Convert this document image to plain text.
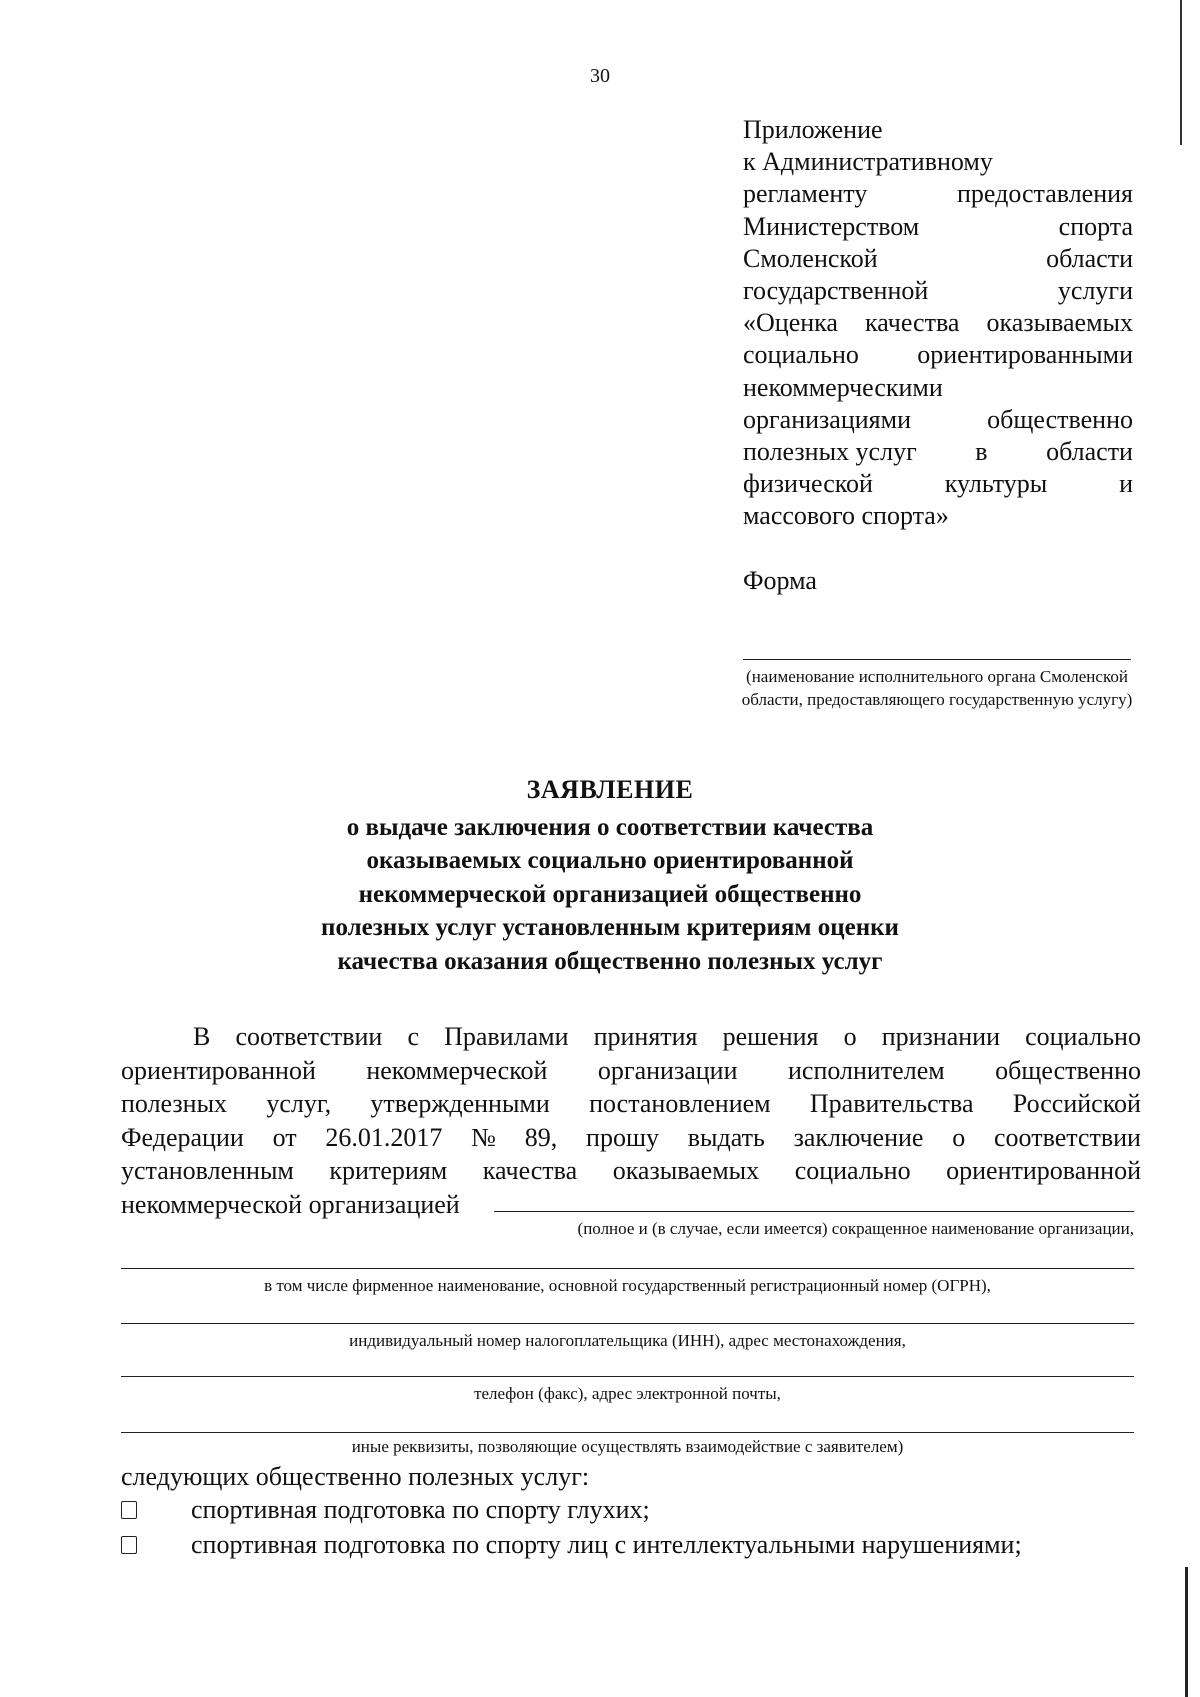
30
Приложение
к Административному
регламенту	предоставления
Министерством	спорта
Смоленской	области
государственной	услуги
«Оценка качества оказываемых
социально ориентированными
некоммерческими
организациями	общественно
полезных услуг в области
физической	культуры	и
массового спорта»
Форма
(наименование исполнительного органа Смоленской области, предоставляющего государственную услугу)
ЗАЯВЛЕНИЕ
о выдаче заключения о соответствии качества
оказываемых социально ориентированной
некоммерческой организацией общественно
полезных услуг установленным критериям оценки
качества оказания общественно полезных услуг
В соответствии с Правилами принятия решения о признании социально
ориентированной некоммерческой организации исполнителем общественно
полезных услуг, утвержденными постановлением Правительства Российской
Федерации от 26.01.2017 № 89, прошу выдать заключение о соответствии
установленным критериям качества оказываемых социально ориентированной
некоммерческой организацией
(полное и (в случае, если имеется) сокращенное наименование организации,
в том числе фирменное наименование, основной государственный регистрационный номер (ОГРН),
индивидуальный номер налогоплательщика (ИНН), адрес местонахождения,
телефон (факс), адрес электронной почты,
иные реквизиты, позволяющие осуществлять взаимодействие с заявителем)
следующих общественно полезных услуг:
спортивная подготовка по спорту глухих;
спортивная подготовка по спорту лиц с интеллектуальными нарушениями;
